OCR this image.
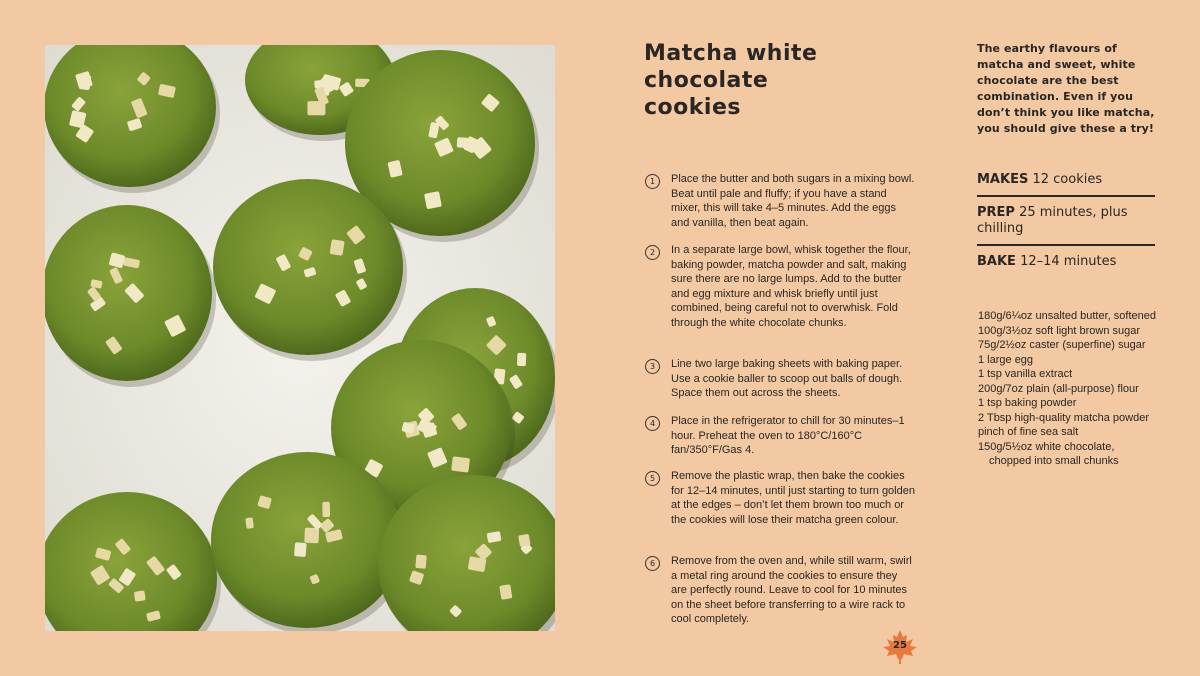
Matcha white
chocolate
cookies

The earthy flavours of matcha and sweet, white chocolate are the best combination. Even if you don’t think you like matcha, you should give these a try!

1	Place the butter and both sugars in a mixing bowl. Beat until pale and fluffy; if you have a stand mixer, this will take 4–5 minutes. Add the eggs and vanilla, then beat again.
2	In a separate large bowl, whisk together the flour, baking powder, matcha powder and salt, making sure there are no large lumps. Add to the butter and egg mixture and whisk briefly until just combined, being careful not to overwhisk. Fold through the white chocolate chunks.
3	Line two large baking sheets with baking paper. Use a cookie baller to scoop out balls of dough. Space them out across the sheets.
4	Place in the refrigerator to chill for 30 minutes–1 hour. Preheat the oven to 180°C/160°C fan/350°F/Gas 4.
5	Remove the plastic wrap, then bake the cookies for 12–14 minutes, until just starting to turn golden at the edges – don’t let them brown too much or the cookies will lose their matcha green colour.
6	Remove from the oven and, while still warm, swirl a metal ring around the cookies to ensure they are perfectly round. Leave to cool for 10 minutes on the sheet before transferring to a wire rack to cool completely.
MAKES 12 cookies
PREP 25 minutes, plus chilling
BAKE 12–14 minutes
180g/6¼oz unsalted butter, softened
100g/3½oz soft light brown sugar
75g/2½oz caster (superfine) sugar
1 large egg
1 tsp vanilla extract
200g/7oz plain (all-purpose) flour
1 tsp baking powder
2 Tbsp high-quality matcha powder
pinch of fine sea salt
150g/5½oz white chocolate, chopped into small chunks
25
